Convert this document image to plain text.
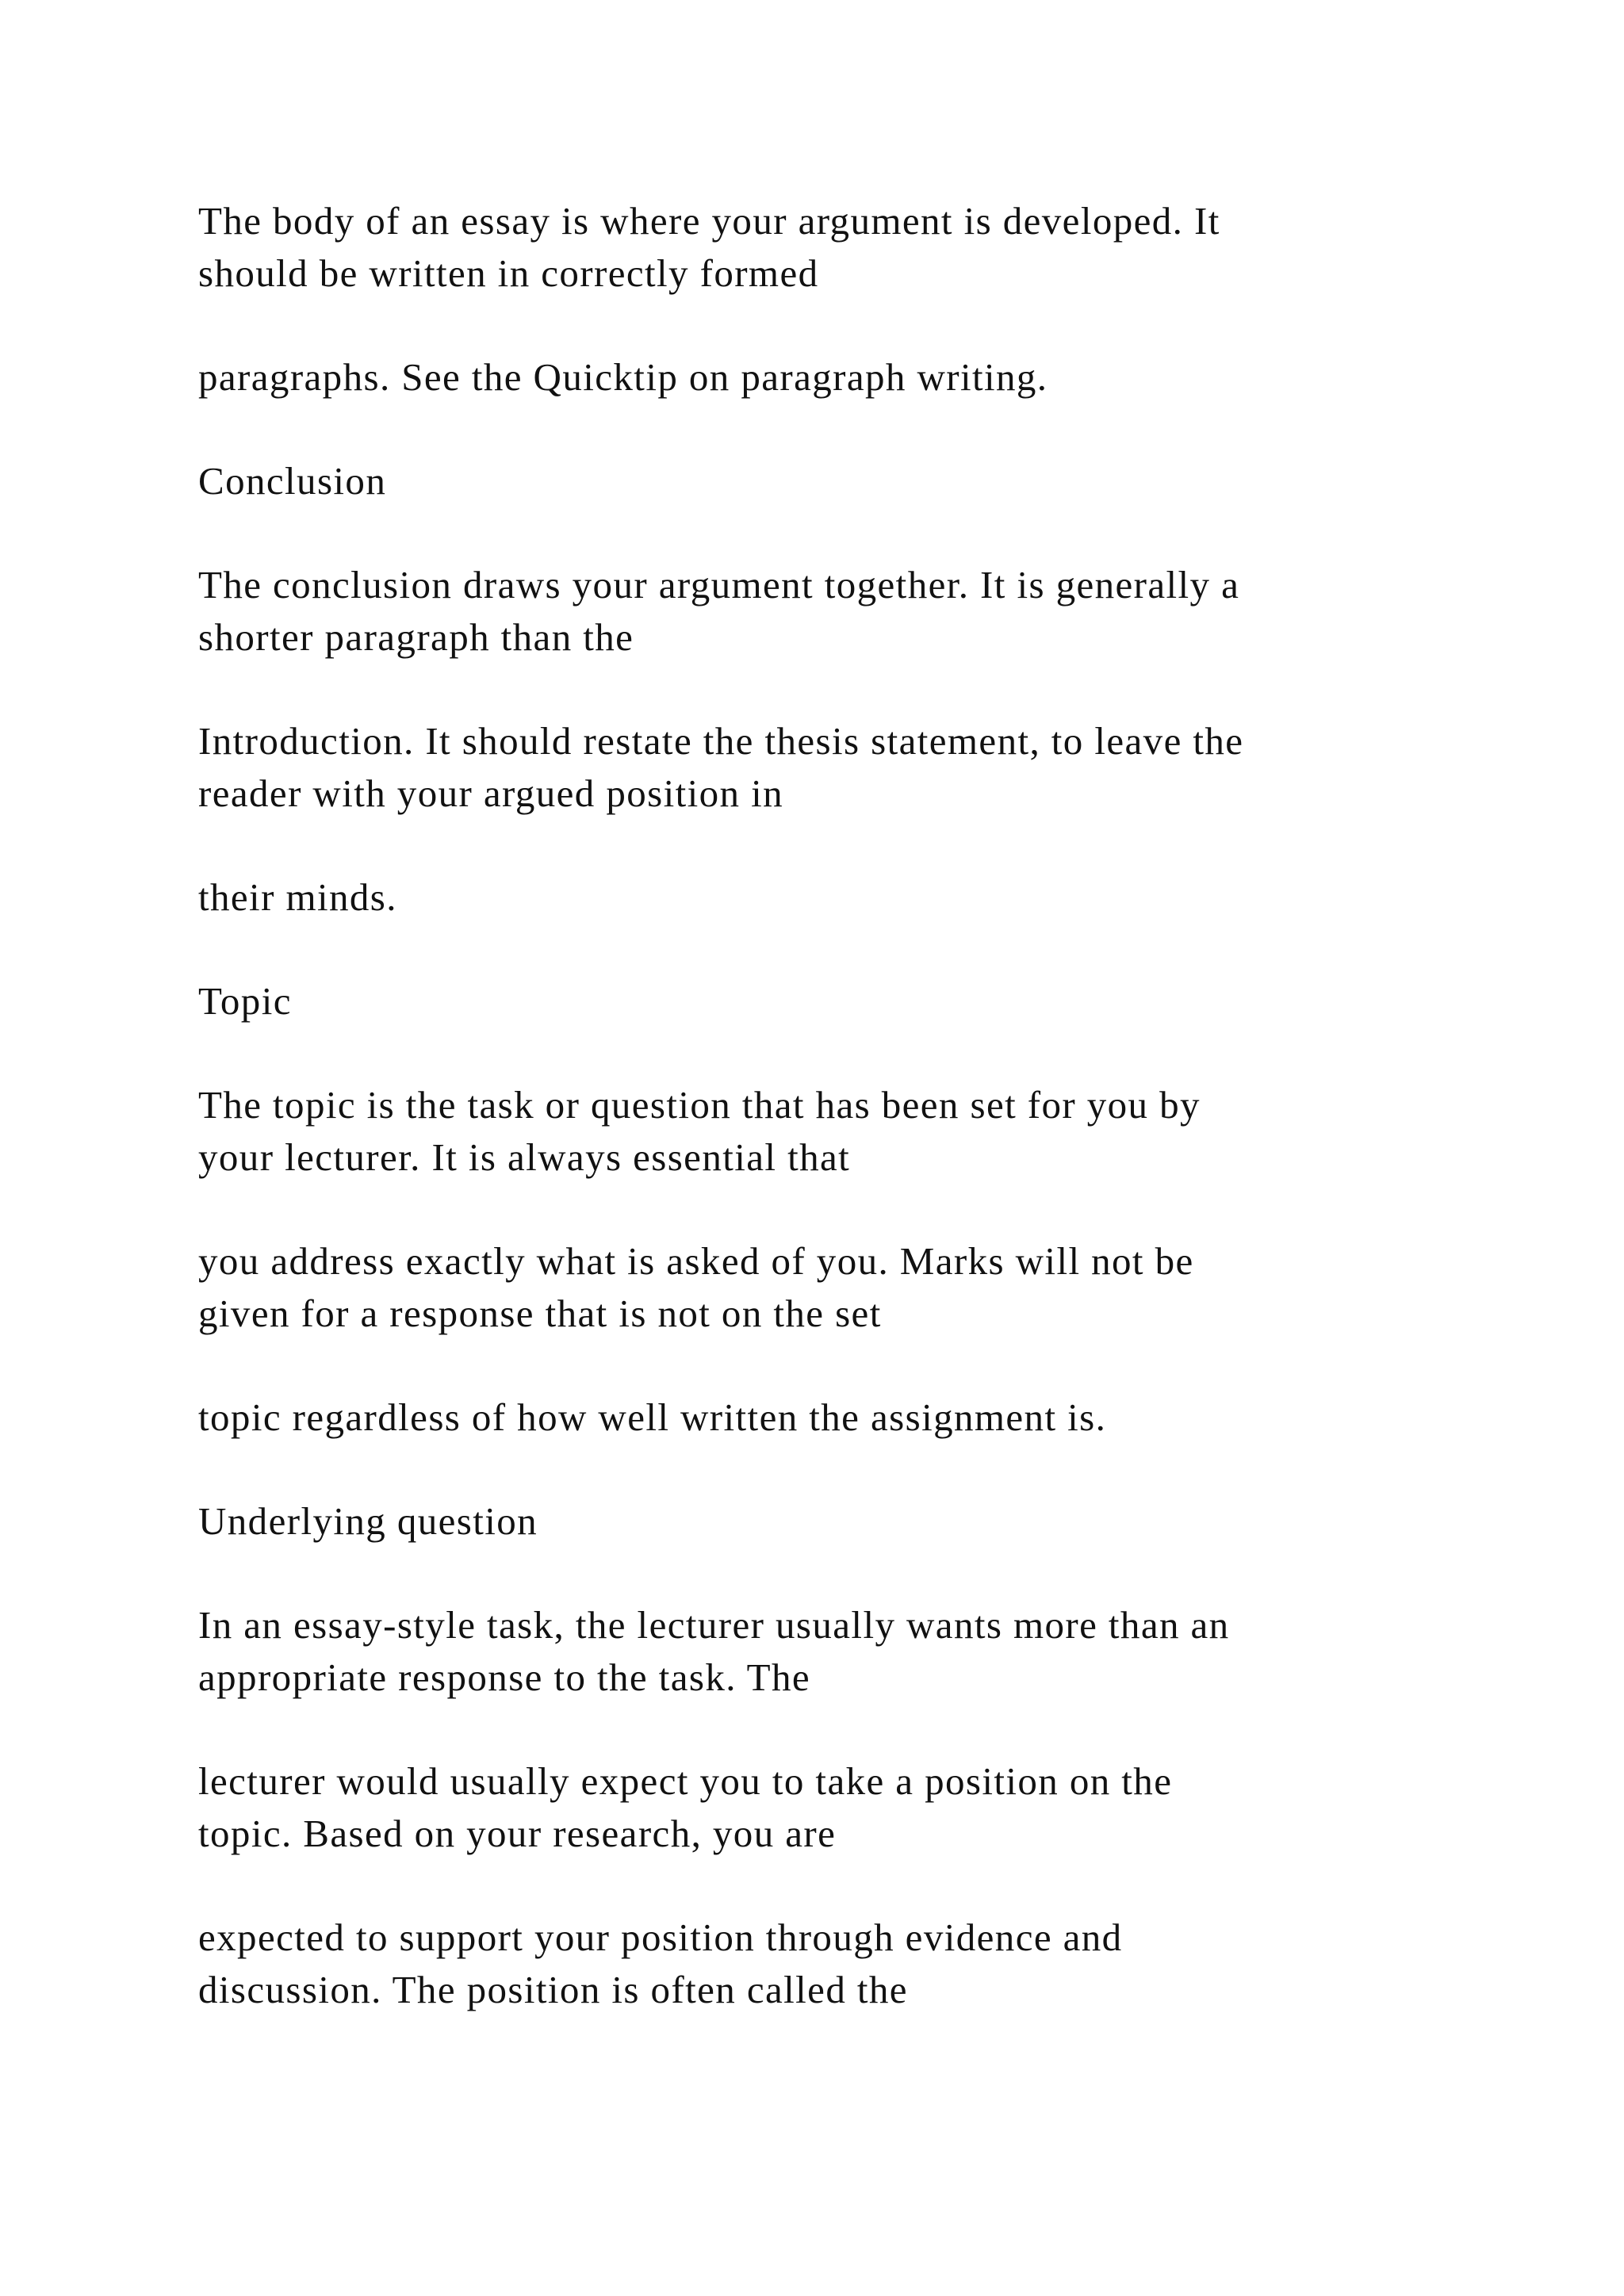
The body of an essay is where your argument is developed. It
should be written in correctly formed

paragraphs. See the Quicktip on paragraph writing.

Conclusion

The conclusion draws your argument together. It is generally a
shorter paragraph than the

Introduction. It should restate the thesis statement, to leave the
reader with your argued position in

their minds.

Topic

The topic is the task or question that has been set for you by
your lecturer. It is always essential that

you address exactly what is asked of you. Marks will not be
given for a response that is not on the set

topic regardless of how well written the assignment is.

Underlying question

In an essay-style task, the lecturer usually wants more than an
appropriate response to the task. The

lecturer would usually expect you to take a position on the
topic. Based on your research, you are

expected to support your position through evidence and
discussion. The position is often called the
